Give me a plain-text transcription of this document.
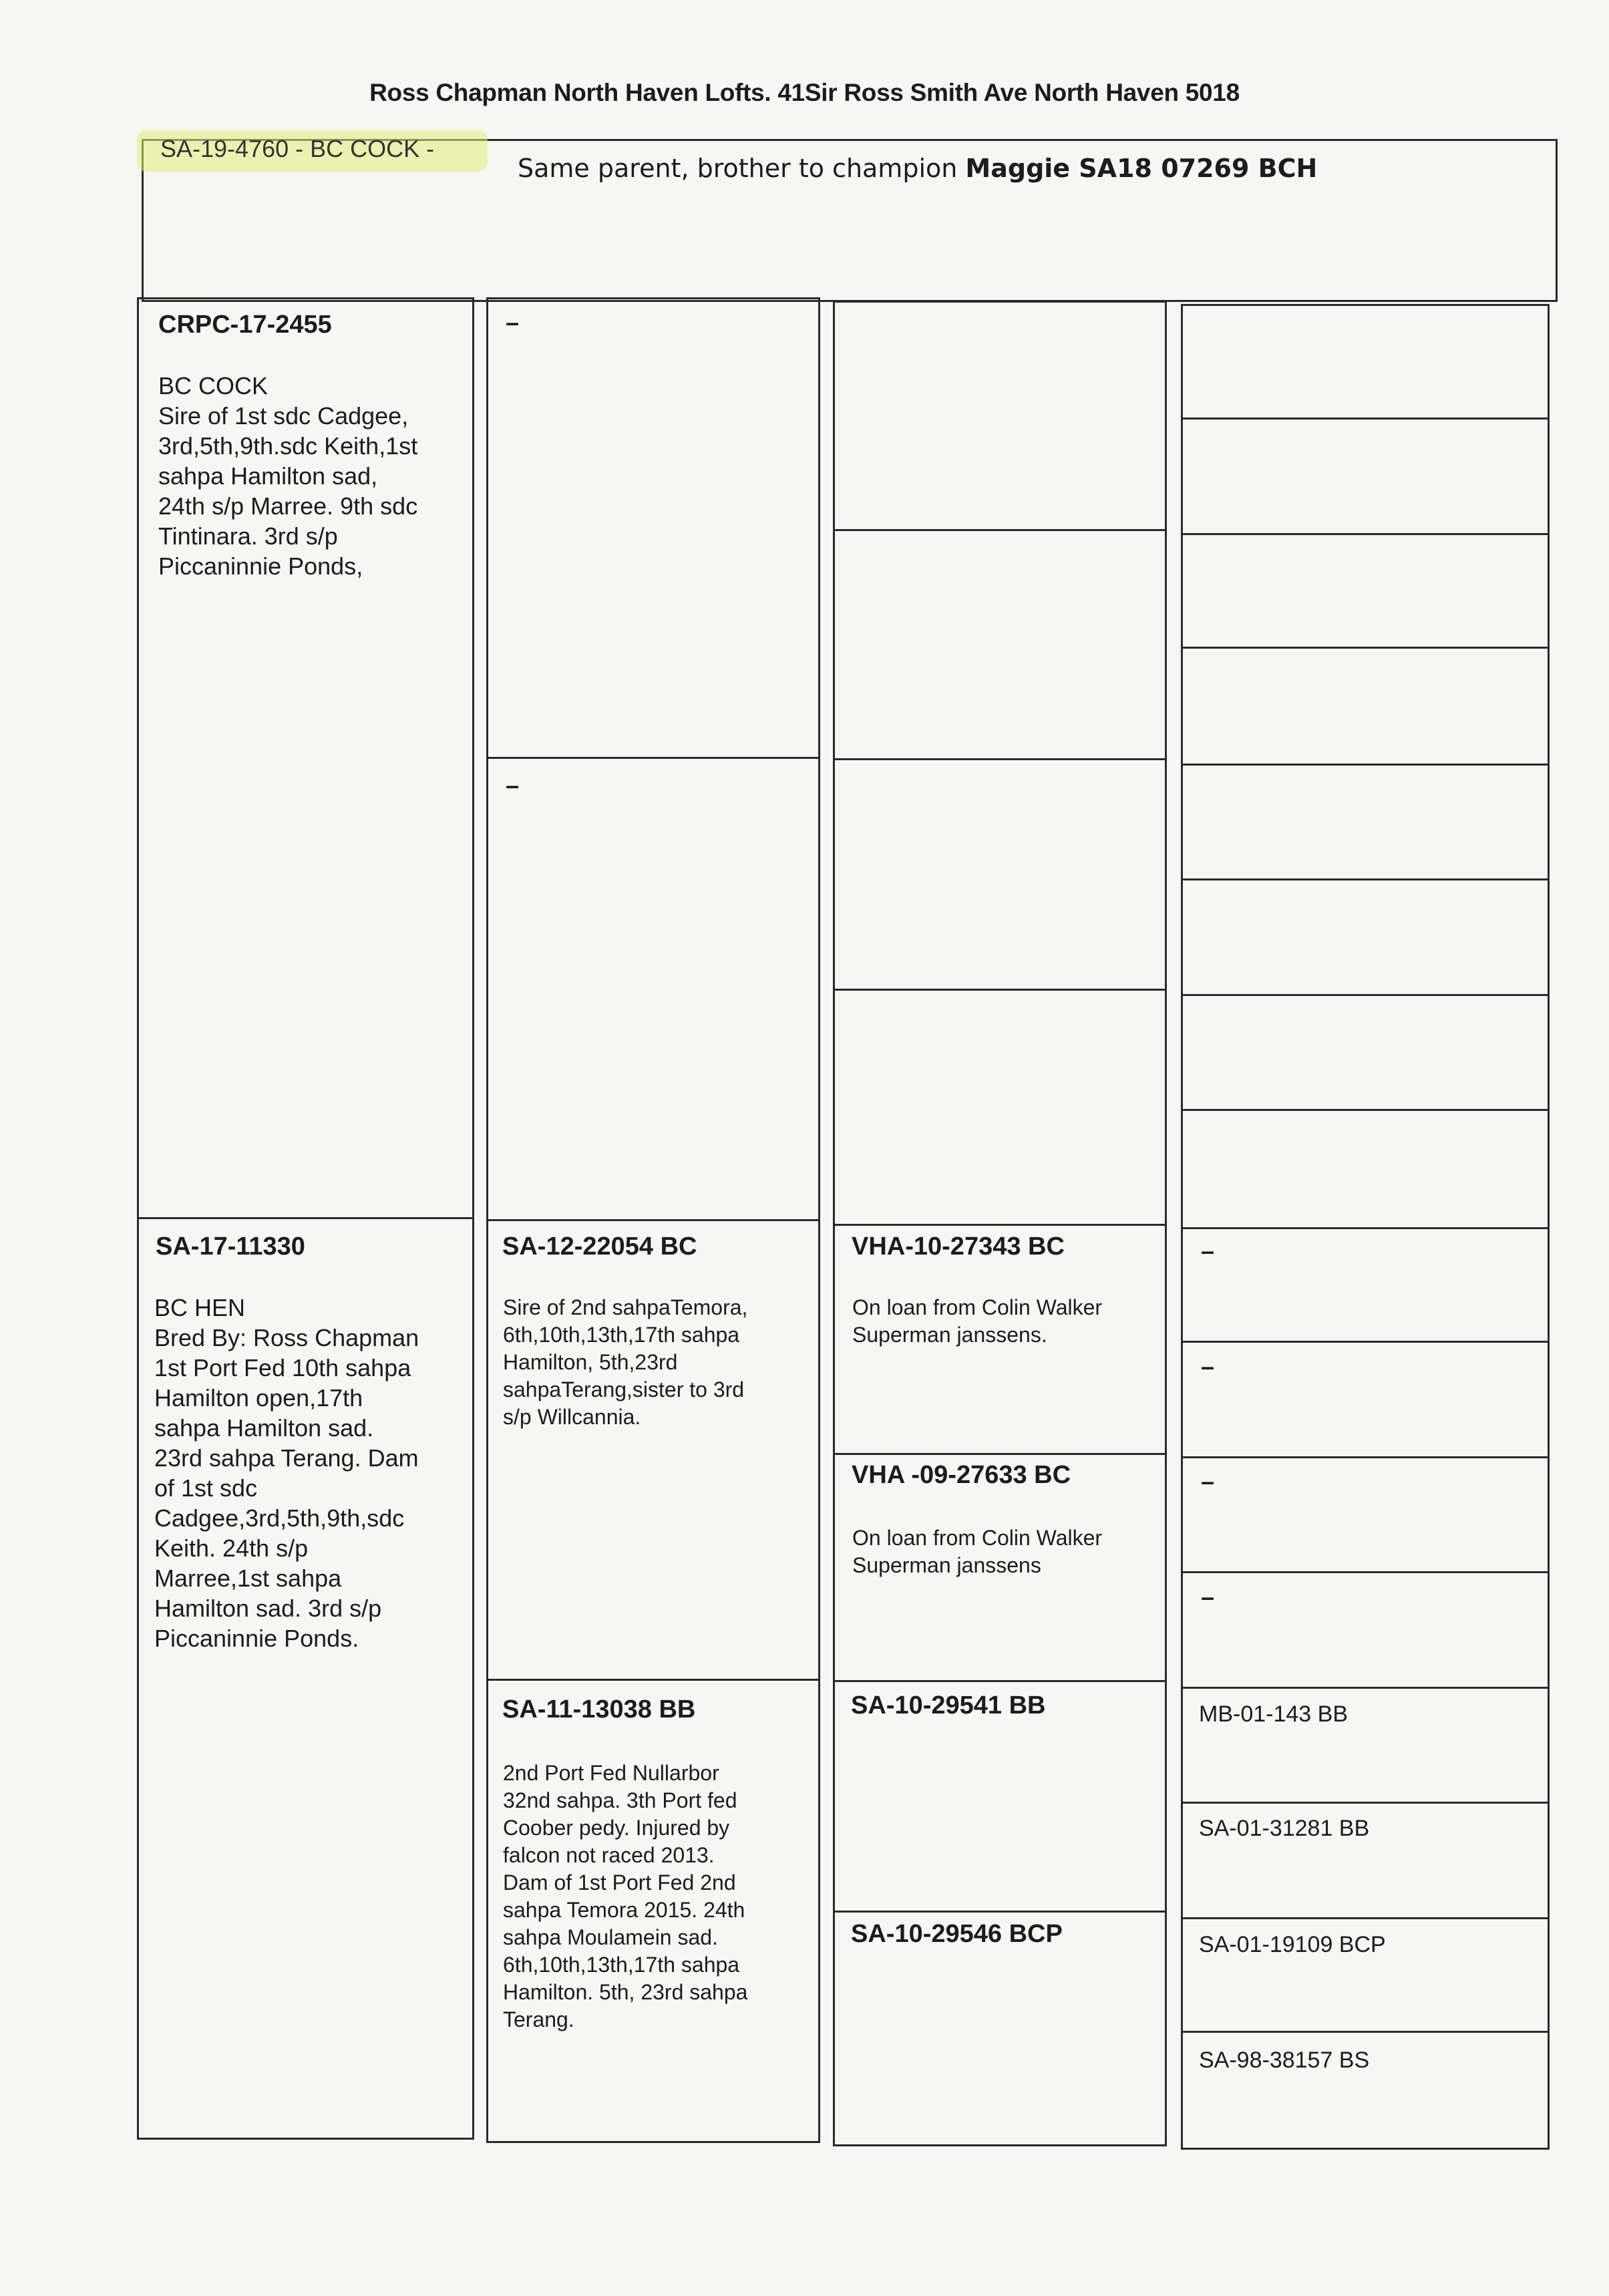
Ross Chapman North Haven Lofts. 41Sir Ross Smith Ave North Haven 5018
SA-19-4760 - BC COCK -
Same parent, brother to champion Maggie SA18 07269 BCH
CRPC-17-2455
BC COCK
Sire of 1st sdc Cadgee,
3rd,5th,9th.sdc Keith,1st
sahpa Hamilton sad,
24th s/p Marree. 9th sdc
Tintinara. 3rd s/p
Piccaninnie Ponds,
SA-17-11330
BC HEN
Bred By: Ross Chapman
1st Port Fed 10th sahpa
Hamilton open,17th
sahpa Hamilton sad.
23rd sahpa Terang. Dam
of 1st sdc
Cadgee,3rd,5th,9th,sdc
Keith. 24th s/p
Marree,1st sahpa
Hamilton sad. 3rd s/p
Piccaninnie Ponds.
–
–
SA-12-22054 BC
Sire of 2nd sahpaTemora,
6th,10th,13th,17th sahpa
Hamilton, 5th,23rd
sahpaTerang,sister to 3rd
s/p Willcannia.
SA-11-13038 BB
2nd Port Fed Nullarbor
32nd sahpa. 3th Port fed
Coober pedy. Injured by
falcon not raced 2013.
Dam of 1st Port Fed 2nd
sahpa Temora 2015. 24th
sahpa Moulamein sad.
6th,10th,13th,17th sahpa
Hamilton. 5th, 23rd sahpa
Terang.
VHA-10-27343 BC
On loan from Colin Walker
Superman janssens.
VHA -09-27633 BC
On loan from Colin Walker
Superman janssens
SA-10-29541 BB
SA-10-29546 BCP
–
–
–
–
MB-01-143 BB
SA-01-31281 BB
SA-01-19109 BCP
SA-98-38157 BS
